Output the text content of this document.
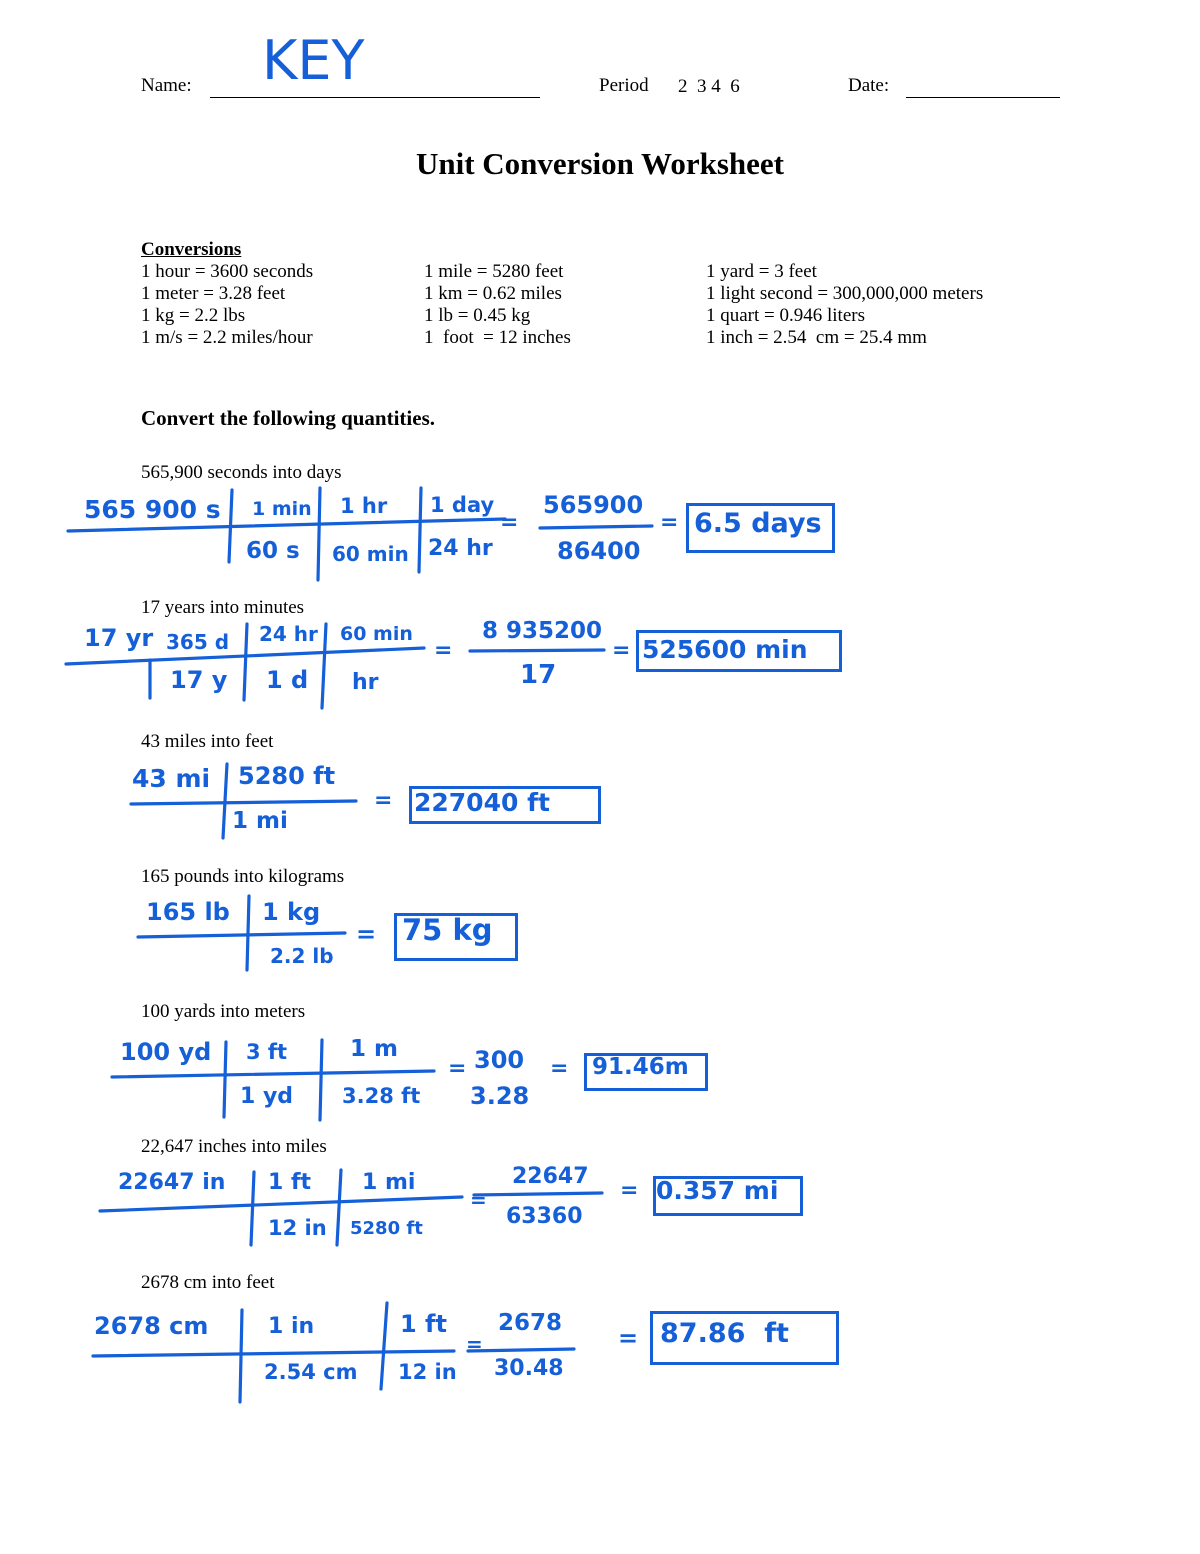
Name: KEY	Period 2  3 4  6	Date:
Unit Conversion Worksheet
Conversions
1 hour = 3600 seconds
1 meter = 3.28 feet
1 kg = 2.2 lbs
1 m/s = 2.2 miles/hour
1 mile = 5280 feet
1 km = 0.62 miles
1 lb = 0.45 kg
1  foot  = 12 inches
1 yard = 3 feet
1 light second = 300,000,000 meters
1 quart = 0.946 liters
1 inch = 2.54  cm = 25.4 mm
Convert the following quantities.
565,900 seconds into days
565 900 s 1 min 1 hr 1 day
60 s 60 min 24 hr
=
565900
86400
= 6.5 days
17 years into minutes
17 yr 365 d 24 hr 60 min
17 y 1 d hr
=
8 935200
17
= 525600 min
43 miles into feet
43 mi 5280 ft
1 mi
= 227040 ft
165 pounds into kilograms
165 lb 1 kg
2.2 lb
= 75 kg
100 yards into meters
100 yd 3 ft	1 m
1 yd 3.28 ft
= 300
3.28
= 91.46m
22,647 inches into miles
22647 in 1 ft 1 mi
12 in 5280 ft
=
22647
63360
= 0.357 mi
2678 cm into feet
2678 cm	1 in	1 ft
2.54 cm 12 in
=
2678
30.48
= 87.86  ft
